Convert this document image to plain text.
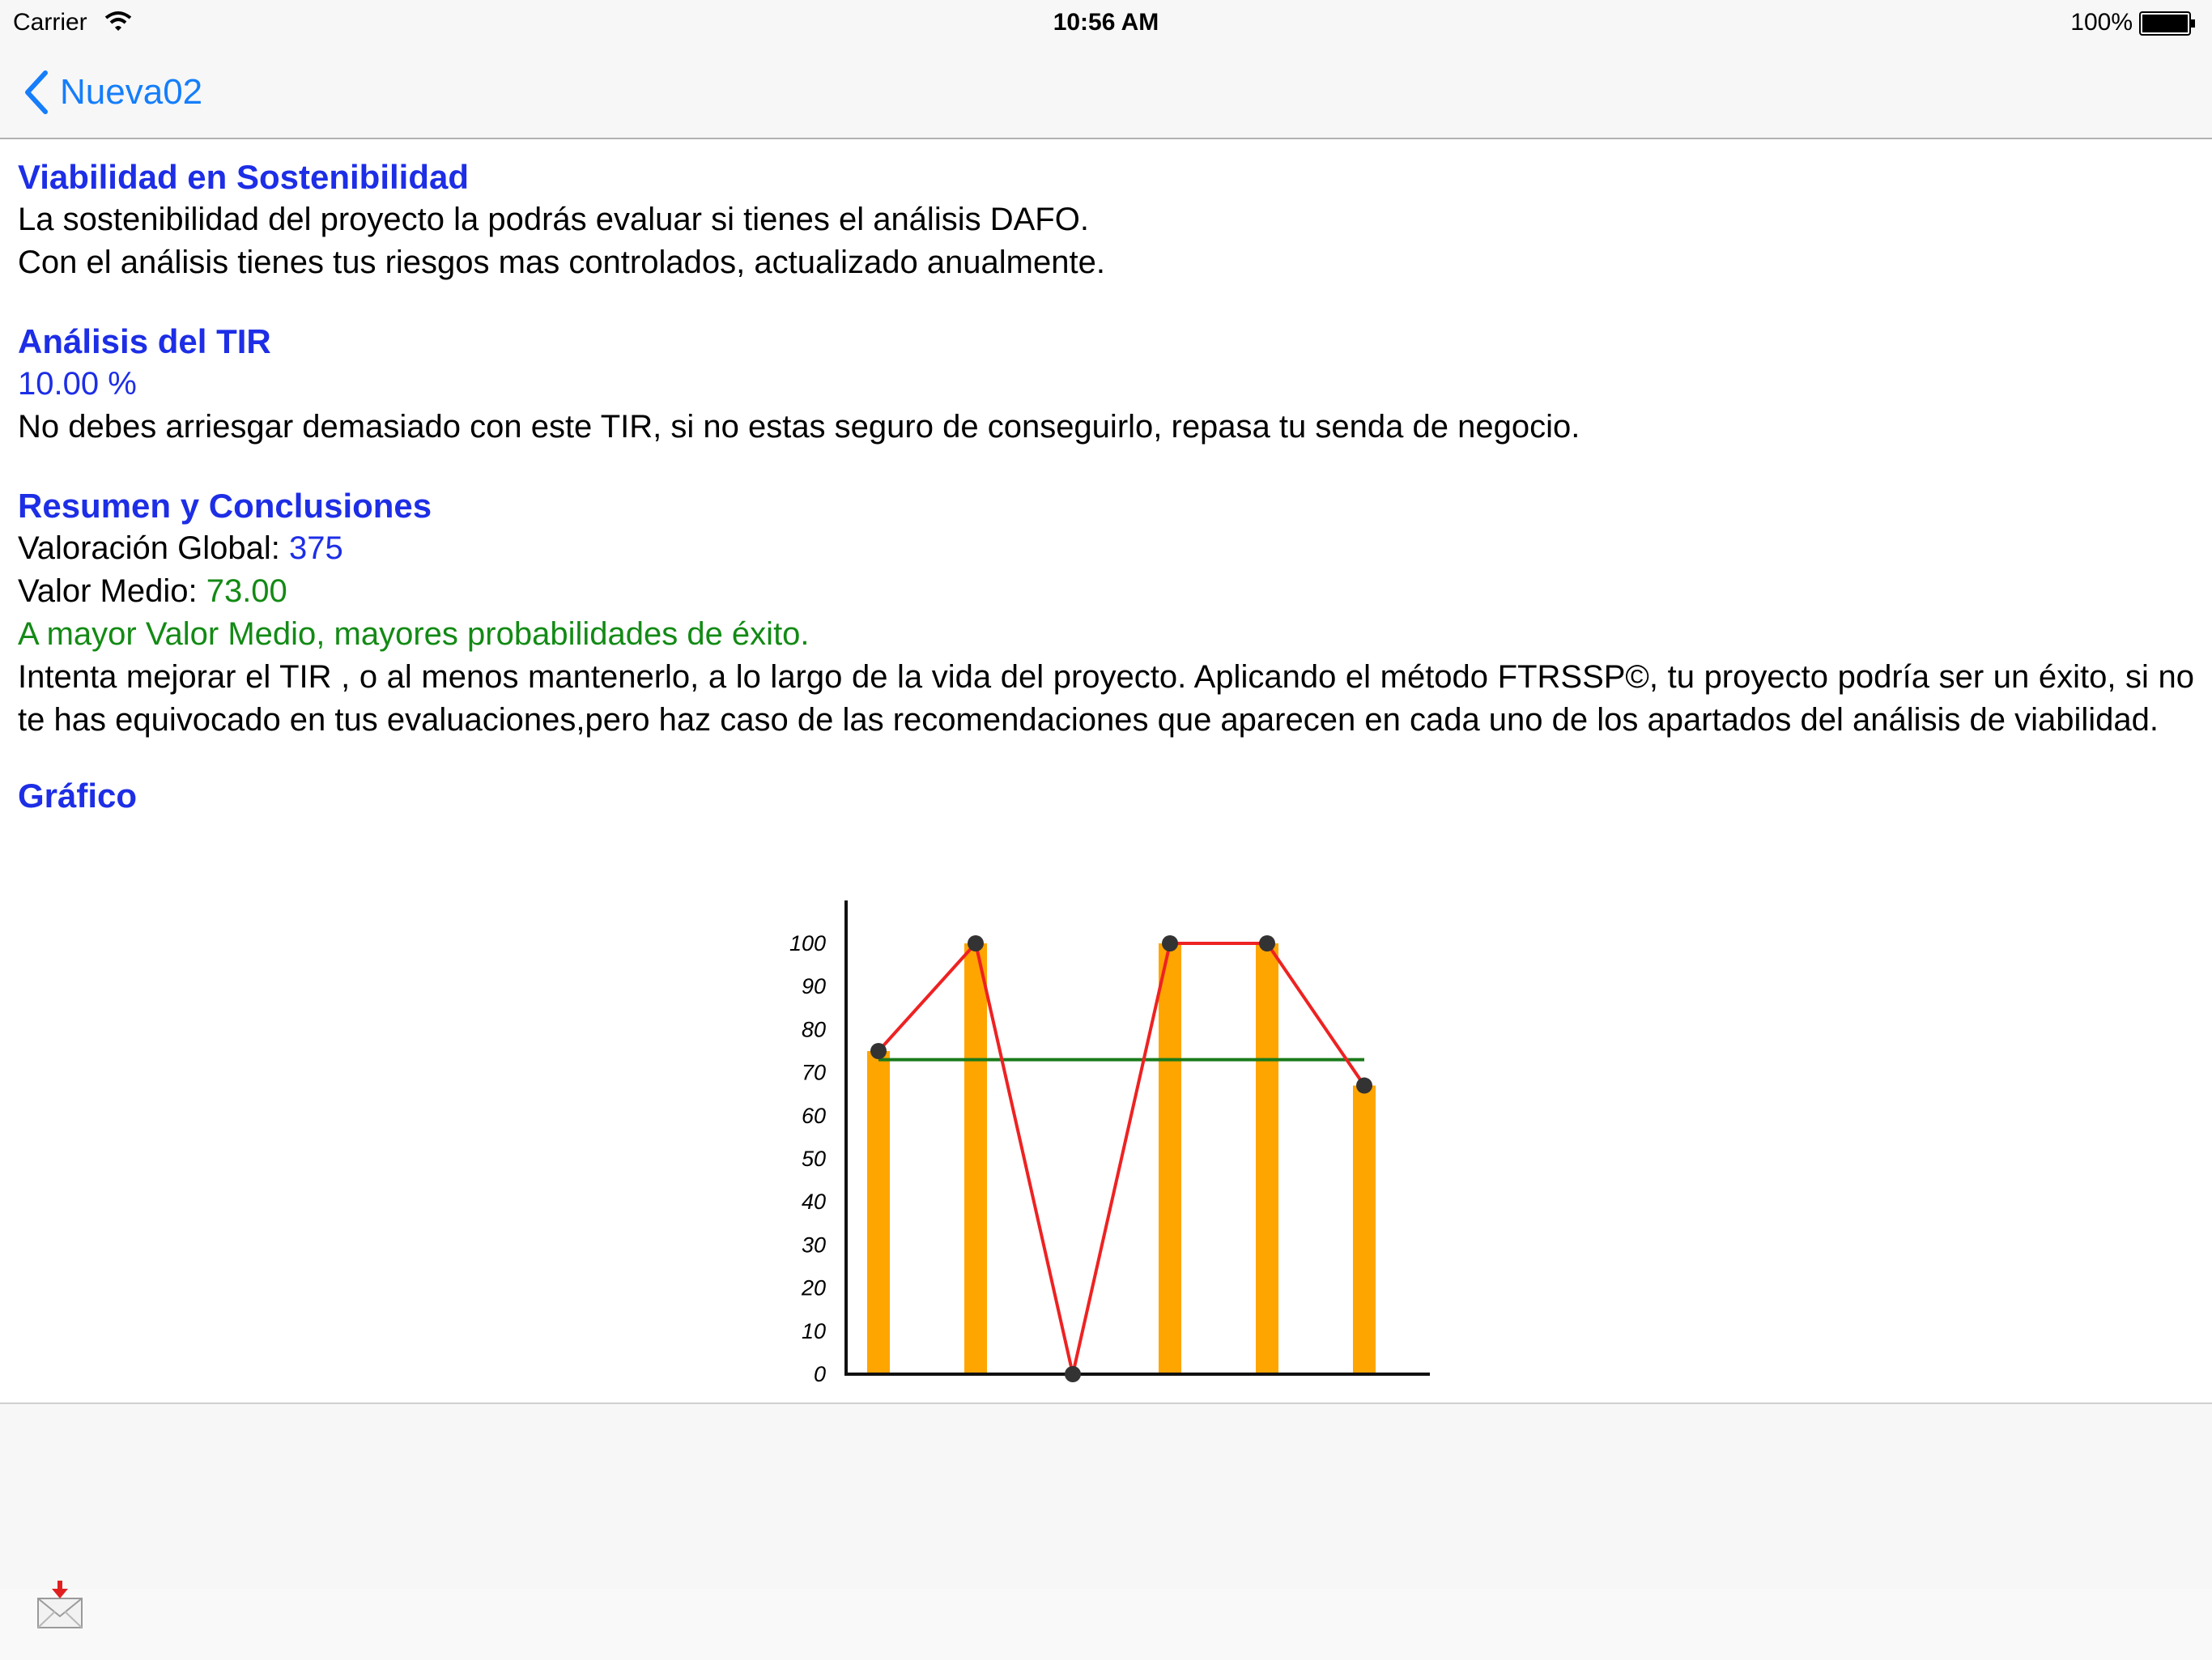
Carrier	10:56 AM	100%
Nueva02
Viabilidad en Sostenibilidad

La sostenibilidad del proyecto la podrás evaluar si tienes el análisis DAFO.

Con el análisis tienes tus riesgos mas controlados, actualizado anualmente.

Análisis del TIR

10.00 %

No debes arriesgar demasiado con este TIR, si no estas seguro de conseguirlo, repasa tu senda de negocio.

Resumen y Conclusiones

Valoración Global: 375

Valor Medio: 73.00

A mayor Valor Medio, mayores probabilidades de éxito.

Intenta mejorar el TIR , o al menos mantenerlo, a lo largo de la vida del proyecto. Aplicando el método FTRSSP©, tu proyecto podría ser un éxito, si no te has equivocado en tus evaluaciones,pero haz caso de las recomendaciones que aparecen en cada uno de los apartados del análisis de viabilidad.

Gráfico
0
10
20
30
40
50
60
70
80
90
100
